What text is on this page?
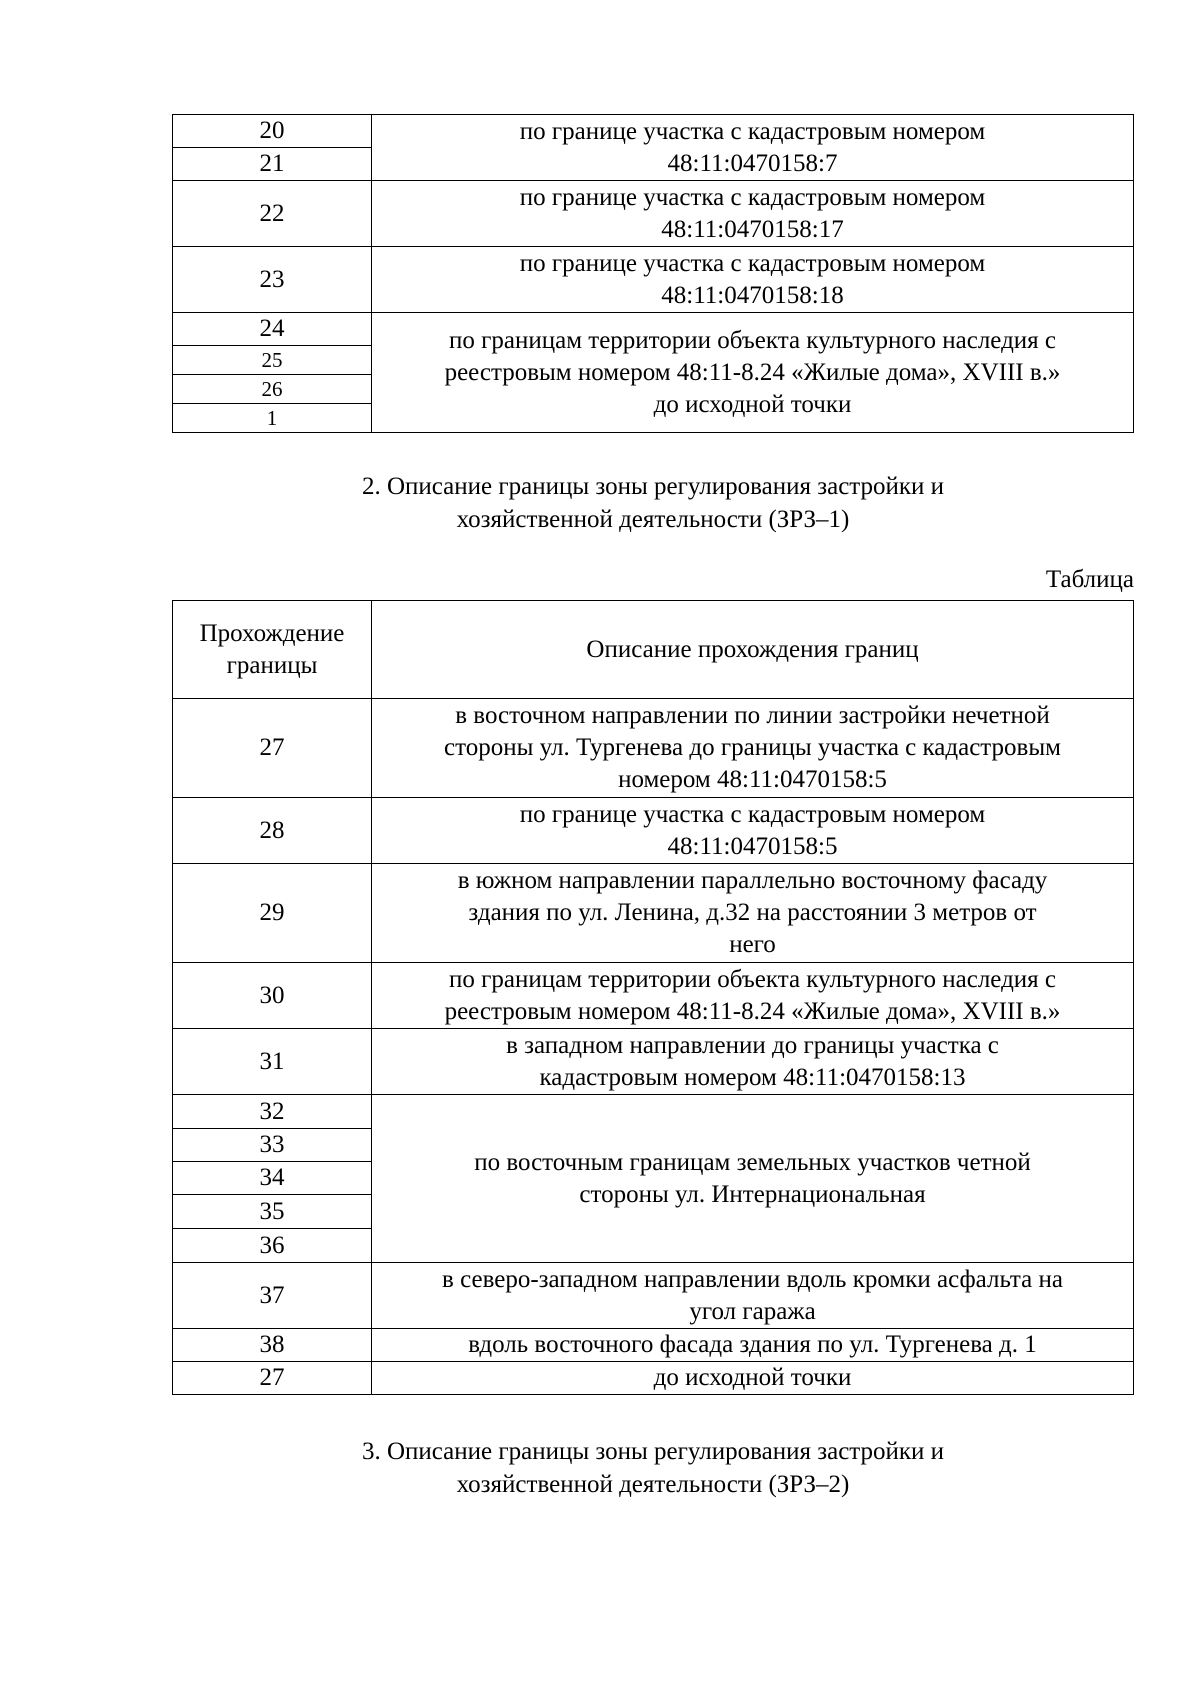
20	по границе участка с кадастровым номером
48:11:0470158:7

21	
22	по границе участка с кадастровым номером
48:11:0470158:17

23	по границе участка с кадастровым номером
48:11:0470158:18

24	по границам территории объекта культурного наследия с
реестровым номером 48:11-8.24 «Жилые дома», XVIII в.»
до исходной точки

25	
26	
1	
2. Описание границы зоны регулирования застройки и
хозяйственной деятельности (ЗРЗ–1)
Таблица
Прохождение
границы	Описание прохождения границ
27	в восточном направлении по линии застройки нечетной
стороны ул. Тургенева до границы участка с кадастровым
номером 48:11:0470158:5

28	по границе участка с кадастровым номером
48:11:0470158:5

29	в южном направлении параллельно восточному фасаду
здания по ул. Ленина, д.32 на расстоянии 3 метров от
него

30	по границам территории объекта культурного наследия с
реестровым номером 48:11-8.24 «Жилые дома», XVIII в.»

31	в западном направлении до границы участка с
кадастровым номером 48:11:0470158:13

32	по восточным границам земельных участков четной
стороны ул. Интернациональная

33	
34	
35	
36	
37	в северо-западном направлении вдоль кромки асфальта на
угол гаража

38	вдоль восточного фасада здания по ул. Тургенева д. 1

27	до исходной точки
3. Описание границы зоны регулирования застройки и
хозяйственной деятельности (ЗРЗ–2)
